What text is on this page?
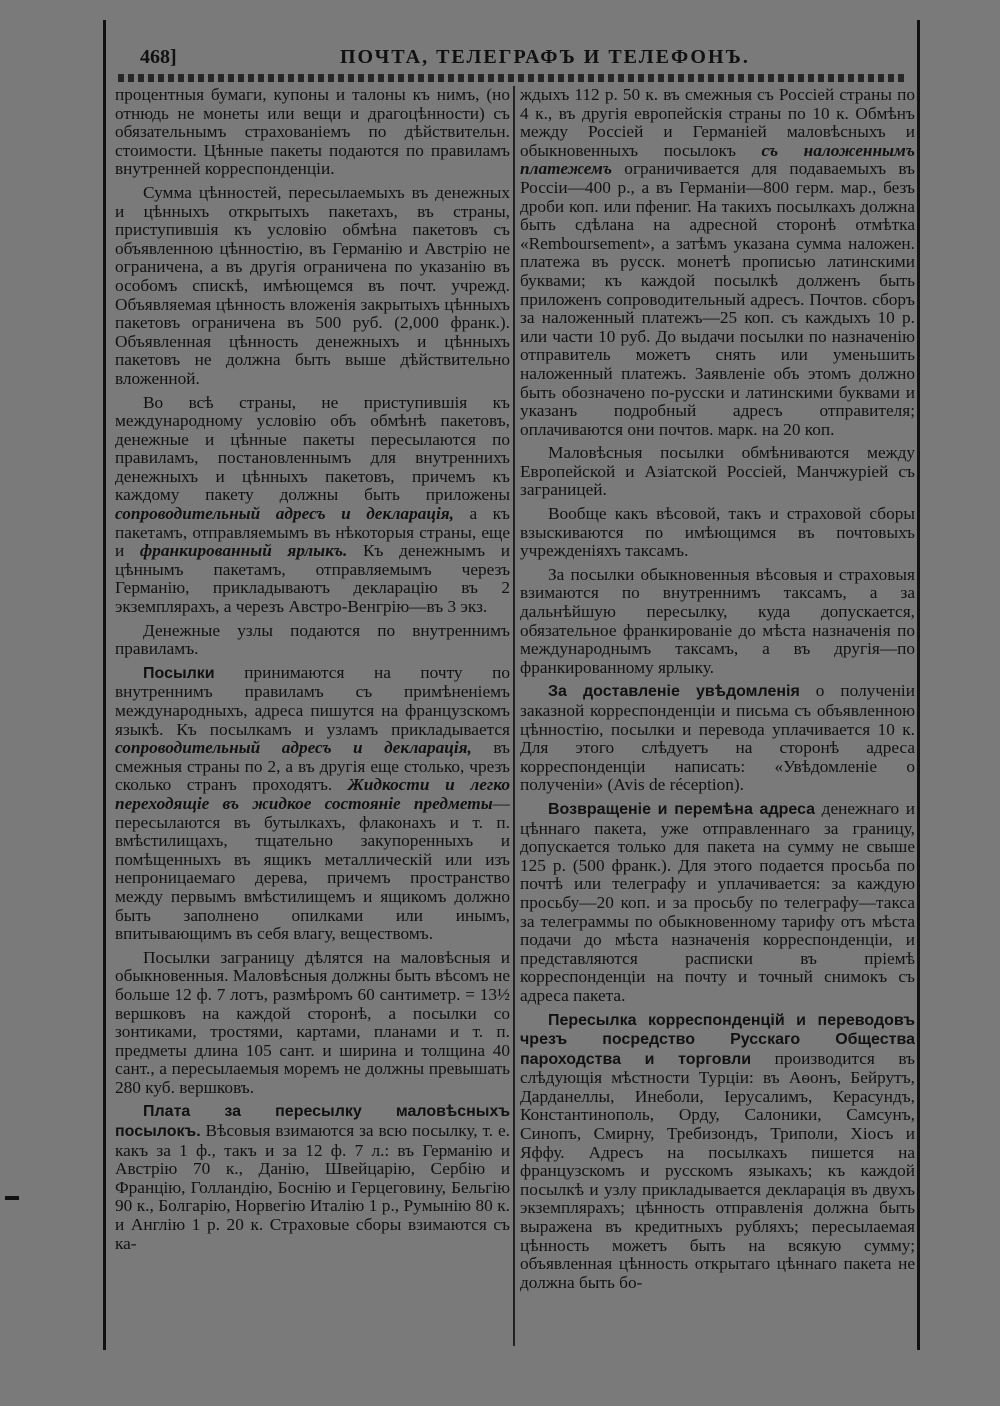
468]	ПОЧТА, ТЕЛЕГРАФЪ И ТЕЛЕФОНЪ.

процентныя бумаги, купоны и талоны къ нимъ, (но отнюдь не монеты или вещи и драгоцѣнности) съ обязательнымъ страхованiемъ по дѣйствительн. стоимости. Цѣнные пакеты подаются по правиламъ внутренней корреспонденцiи.

Сумма цѣнностей, пересылаемыхъ въ денежных и цѣнныхъ открытыхъ пакетахъ, въ страны, приступившiя къ условiю обмѣна пакетовъ съ объявленною цѣнностiю, въ Германiю и Австрiю не ограничена, а въ другiя ограничена по указанiю въ особомъ спискѣ, имѣющемся въ почт. учрежд. Объявляемая цѣнность вложенiя закрытыхъ цѣнныхъ пакетовъ ограничена въ 500 руб. (2,000 франк.). Объявленная цѣнность денежныхъ и цѣнныхъ пакетовъ не должна быть выше дѣйствительно вложенной.

Во всѣ страны, не приступившiя къ международному условiю объ обмѣнѣ пакетовъ, денежные и цѣнные пакеты пересылаются по правиламъ, постановленнымъ для внутреннихъ денежныхъ и цѣнныхъ пакетовъ, причемъ къ каждому пакету должны быть приложены сопроводительный адресъ и декларацiя, а къ пакетамъ, отправляемымъ въ нѣкоторыя страны, еще и франкированный ярлыкъ. Къ денежнымъ и цѣннымъ пакетамъ, отправляемымъ черезъ Германiю, прикладываютъ декларацiю въ 2 экземплярахъ, а черезъ Австро-Венгрiю—въ 3 экз.

Денежные узлы подаются по внутреннимъ правиламъ.

Посылки принимаются на почту по внутреннимъ правиламъ съ примѣненiемъ международныхъ, адреса пишутся на французскомъ языкѣ. Къ посылкамъ и узламъ прикладывается сопроводительный адресъ и декларацiя, въ смежныя страны по 2, а въ другiя еще столько, чрезъ сколько странъ проходятъ. Жидкости и легко переходящiе въ жидкое состоянiе предметы—пересылаются въ бутылкахъ, флаконахъ и т. п. вмѣстилищахъ, тщательно закупоренныхъ и помѣщенныхъ въ ящикъ металлическiй или изъ непроницаемаго дерева, причемъ пространство между первымъ вмѣстилищемъ и ящикомъ должно быть заполнено опилками или инымъ, впитывающимъ въ себя влагу, веществомъ.

Посылки заграницу дѣлятся на маловѣсныя и обыкновенныя. Маловѣсныя должны быть вѣсомъ не больше 12 ф. 7 лотъ, размѣромъ 60 сантиметр. = 13½ вершковъ на каждой сторонѣ, а посылки со зонтиками, тростями, картами, планами и т. п. предметы длина 105 сант. и ширина и толщина 40 сант., а пересылаемыя моремъ не должны превышать 280 куб. вершковъ.

Плата за пересылку маловѣсныхъ посылокъ. Вѣсовыя взимаются за всю посылку, т. е. какъ за 1 ф., такъ и за 12 ф. 7 л.: въ Германiю и Австрiю 70 к., Данiю, Швейцарiю, Сербiю и Францiю, Голландiю, Боснiю и Герцеговину, Бельгiю 90 к., Болгарiю, Норвегiю Италiю 1 р., Румынiю 80 к. и Англiю 1 р. 20 к. Страховые сборы взимаются съ ка-

ждыхъ 112 р. 50 к. въ смежныя съ Россiей страны по 4 к., въ другiя европейскiя страны по 10 к. Обмѣнъ между Россiей и Германiей маловѣсныхъ и обыкновенныхъ посылокъ съ наложеннымъ платежемъ ограничивается для подаваемыхъ въ Россiи—400 р., а въ Германiи—800 герм. мар., безъ дроби коп. или пфениг. На такихъ посылкахъ должна быть сдѣлана на адресной сторонѣ отмѣтка «Remboursement», а затѣмъ указана сумма наложен. платежа въ русск. монетѣ прописью латинскими буквами; къ каждой посылкѣ долженъ быть приложенъ сопроводительный адресъ. Почтов. сборъ за наложенный платежъ—25 коп. съ каждыхъ 10 р. или части 10 руб. До выдачи посылки по назначенiю отправитель можетъ снять или уменьшить наложенный платежъ. Заявленiе объ этомъ должно быть обозначено по-русски и латинскими буквами и указанъ подробный адресъ отправителя; оплачиваются они почтов. марк. на 20 коп.

Маловѣсныя посылки обмѣниваются между Европейской и Азiатской Россiей, Манчжурiей съ заграницей.

Вообще какъ вѣсовой, такъ и страховой сборы взыскиваются по имѣющимся въ почтовыхъ учрежденiяхъ таксамъ.

За посылки обыкновенныя вѣсовыя и страховыя взимаются по внутреннимъ таксамъ, а за дальнѣйшую пересылку, куда допускается, обязательное франкированiе до мѣста назначенiя по международнымъ таксамъ, а въ другiя—по франкированному ярлыку.

За доставленiе увѣдомленiя о полученiи заказной корреспонденцiи и письма съ объявленною цѣнностiю, посылки и перевода уплачивается 10 к. Для этого слѣдуетъ на сторонѣ адреса корреспонденцiи написать: «Увѣдомленiе о полученiи» (Avis de réception).

Возвращенiе и перемѣна адреса денежнаго и цѣннаго пакета, уже отправленнаго за границу, допускается только для пакета на сумму не свыше 125 р. (500 франк.). Для этого подается просьба по почтѣ или телеграфу и уплачивается: за каждую просьбу—20 коп. и за просьбу по телеграфу—такса за телеграммы по обыкновенному тарифу отъ мѣста подачи до мѣста назначенiя корреспонденцiи, и представляются расписки въ прiемѣ корреспонденцiи на почту и точный снимокъ съ адреса пакета.

Пересылка корреспонденцiй и переводовъ чрезъ посредство Русскаго Общества пароходства и торговли производится въ слѣдующiя мѣстности Турцiи: въ Аѳонъ, Бейрутъ, Дарданеллы, Инеболи, Iерусалимъ, Керасундъ, Константинополь, Орду, Салоники, Самсунъ, Синопъ, Смирну, Требизондъ, Триполи, Хiосъ и Яффу. Адресъ на посылкахъ пишется на французскомъ и русскомъ языкахъ; къ каждой посылкѣ и узлу прикладывается декларацiя въ двухъ экземплярахъ; цѣнность отправленiя должна быть выражена въ кредитныхъ рубляхъ; пересылаемая цѣнность можетъ быть на всякую сумму; объявленная цѣнность открытаго цѣннаго пакета не должна быть бо-
